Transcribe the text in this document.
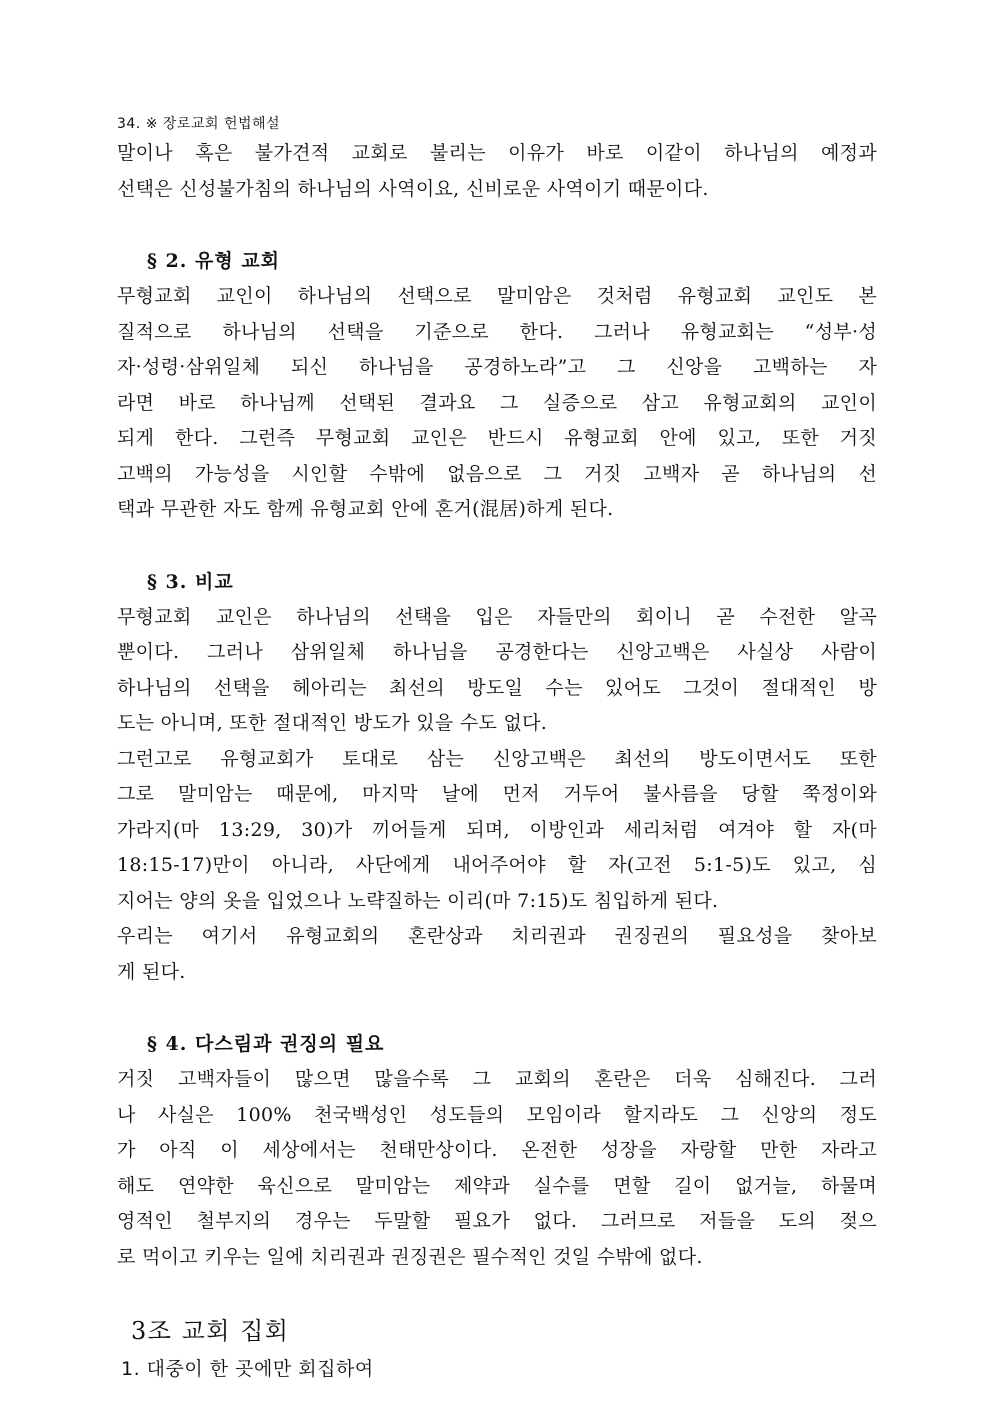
34. ※ 장로교회 헌법해설
말이나 혹은 불가견적 교회로 불리는 이유가 바로 이같이 하나님의 예정과
선택은 신성불가침의 하나님의 사역이요, 신비로운 사역이기 때문이다.
§ 2. 유형 교회
무형교회 교인이 하나님의 선택으로 말미암은 것처럼 유형교회 교인도 본
질적으로 하나님의 선택을 기준으로 한다. 그러나 유형교회는 “성부·성
자·성령·삼위일체 되신 하나님을 공경하노라”고 그 신앙을 고백하는 자
라면 바로 하나님께 선택된 결과요 그 실증으로 삼고 유형교회의 교인이
되게 한다. 그런즉 무형교회 교인은 반드시 유형교회 안에 있고, 또한 거짓
고백의 가능성을 시인할 수밖에 없음으로 그 거짓 고백자 곧 하나님의 선
택과 무관한 자도 함께 유형교회 안에 혼거(混居)하게 된다.
§ 3. 비교
무형교회 교인은 하나님의 선택을 입은 자들만의 회이니 곧 수전한 알곡
뿐이다. 그러나 삼위일체 하나님을 공경한다는 신앙고백은 사실상 사람이
하나님의 선택을 헤아리는 최선의 방도일 수는 있어도 그것이 절대적인 방
도는 아니며, 또한 절대적인 방도가 있을 수도 없다.
그런고로 유형교회가 토대로 삼는 신앙고백은 최선의 방도이면서도 또한
그로 말미암는 때문에, 마지막 날에 먼저 거두어 불사름을 당할 쭉정이와
가라지(마 13:29, 30)가 끼어들게 되며, 이방인과 세리처럼 여겨야 할 자(마
18:15-17)만이 아니라, 사단에게 내어주어야 할 자(고전 5:1-5)도 있고, 심
지어는 양의 옷을 입었으나 노략질하는 이리(마 7:15)도 침입하게 된다.
우리는 여기서 유형교회의 혼란상과 치리권과 권징권의 필요성을 찾아보
게 된다.
§ 4. 다스림과 권징의 필요
거짓 고백자들이 많으면 많을수록 그 교회의 혼란은 더욱 심해진다. 그러
나 사실은 100% 천국백성인 성도들의 모임이라 할지라도 그 신앙의 정도
가 아직 이 세상에서는 천태만상이다. 온전한 성장을 자랑할 만한 자라고
해도 연약한 육신으로 말미암는 제약과 실수를 면할 길이 없거늘, 하물며
영적인 철부지의 경우는 두말할 필요가 없다. 그러므로 저들을 도의 젖으
로 먹이고 키우는 일에 치리권과 권징권은 필수적인 것일 수밖에 없다.
3조 교회 집회
1. 대중이 한 곳에만 회집하여
